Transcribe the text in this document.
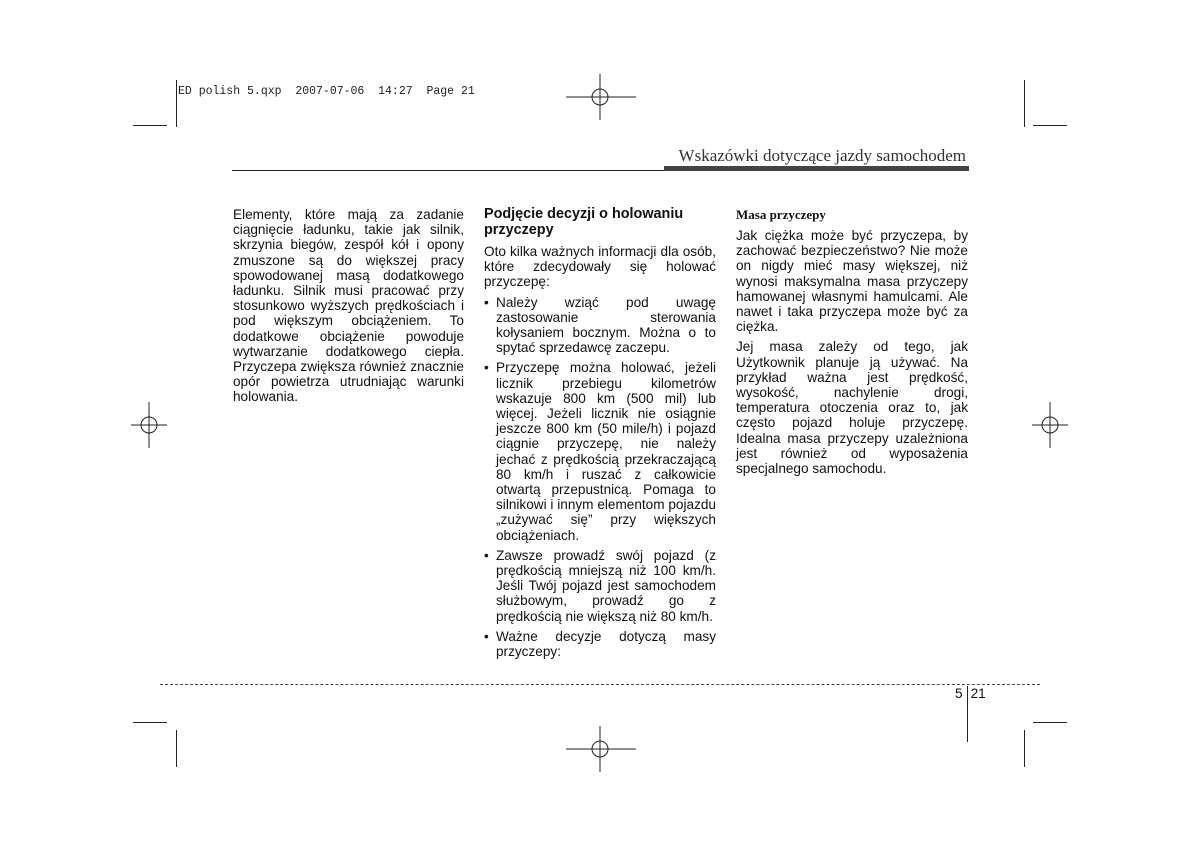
ED polish 5.qxp  2007-07-06  14:27  Page 21
Wskazówki dotyczące jazdy samochodem

Elementy, które mają za zadanie ciągnięcie ładunku, takie jak silnik, skrzynia biegów, zespół kół i opony zmuszone są do większej pracy spowodowanej masą dodatkowego ładunku. Silnik musi pracować przy stosunkowo wyższych prędkościach i pod większym obciążeniem. To dodatkowe obciążenie powoduje wytwarzanie dodatkowego ciepła. Przyczepa zwiększa również znacznie opór powietrza utrudniając warunki holowania.

Podjęcie decyzji o holowaniu przyczepy

Oto kilka ważnych informacji dla osób, które zdecydowały się holować przyczepę:

• Należy wziąć pod uwagę zastosowanie sterowania kołysaniem bocznym. Można o to spytać sprzedawcę zaczepu.
• Przyczepę można holować, jeżeli licznik przebiegu kilometrów wskazuje 800 km (500 mil) lub więcej. Jeżeli licznik nie osiągnie jeszcze 800 km (50 mile/h) i pojazd ciągnie przyczepę, nie należy jechać z prędkością przekraczającą 80 km/h i ruszać z całkowicie otwartą przepustnicą. Pomaga to silnikowi i innym elementom pojazdu „zużywać się” przy większych obciążeniach.
• Zawsze prowadź swój pojazd (z prędkością mniejszą niż 100 km/h. Jeśli Twój pojazd jest samochodem służbowym, prowadź go z prędkością nie większą niż 80 km/h.
• Ważne decyzje dotyczą masy przyczepy:
Masa przyczepy

Jak ciężka może być przyczepa, by zachować bezpieczeństwo? Nie może on nigdy mieć masy większej, niż wynosi maksymalna masa przyczepy hamowanej własnymi hamulcami. Ale nawet i taka przyczepa może być za ciężka.

Jej masa zależy od tego, jak Użytkownik planuje ją używać. Na przykład ważna jest prędkość, wysokość, nachylenie drogi, temperatura otoczenia oraz to, jak często pojazd holuje przyczepę. Idealna masa przyczepy uzależniona jest również od wyposażenia specjalnego samochodu.

5 21
